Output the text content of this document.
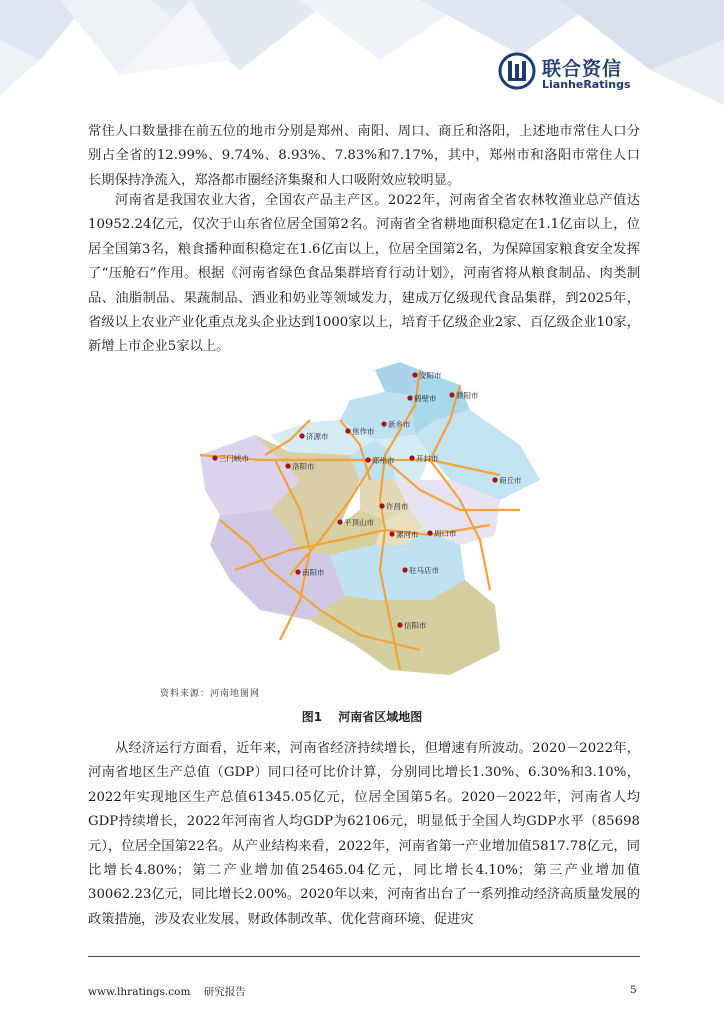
联合资信
LianheRatings

常住人口数量排在前五位的地市分别是郑州、南阳、周口、商丘和洛阳，上述地市常住人口分别占全省的12.99%、9.74%、8.93%、7.83%和7.17%，其中，郑州市和洛阳市常住人口长期保持净流入，郑洛都市圈经济集聚和人口吸附效应较明显。

河南省是我国农业大省，全国农产品主产区。2022年，河南省全省农林牧渔业总产值达10952.24亿元，仅次于山东省位居全国第2名。河南省全省耕地面积稳定在1.1亿亩以上，位居全国第3名，粮食播种面积稳定在1.6亿亩以上，位居全国第2名，为保障国家粮食安全发挥了“压舱石”作用。根据《河南省绿色食品集群培育行动计划》，河南省将从粮食制品、肉类制品、油脂制品、果蔬制品、酒业和奶业等领域发力，建成万亿级现代食品集群，到2025年，省级以上农业产业化重点龙头企业达到1000家以上，培育千亿级企业2家、百亿级企业10家，新增上市企业5家以上。

安阳市
鹤壁市	濮阳市
新乡市
焦作市
济源市
三门峡市
洛阳市
郑州市	开封市
商丘市
许昌市
平顶山市
漯河市 周口市
南阳市	驻马店市
信阳市
资料来源：河南地图网
图1 河南省区域地图

从经济运行方面看，近年来，河南省经济持续增长，但增速有所波动。2020－2022年，河南省地区生产总值（GDP）同口径可比价计算，分别同比增长1.30%、6.30%和3.10%，2022年实现地区生产总值61345.05亿元，位居全国第5名。2020－2022年，河南省人均GDP持续增长，2022年河南省人均GDP为62106元，明显低于全国人均GDP水平（85698元），位居全国第22名。从产业结构来看，2022年，河南省第一产业增加值5817.78亿元，同比增长4.80%；第二产业增加值25465.04亿元，同比增长4.10%；第三产业增加值30062.23亿元，同比增长2.00%。2020年以来，河南省出台了一系列推动经济高质量发展的政策措施，涉及农业发展、财政体制改革、优化营商环境、促进灾

www.lhratings.com 研究报告	5
